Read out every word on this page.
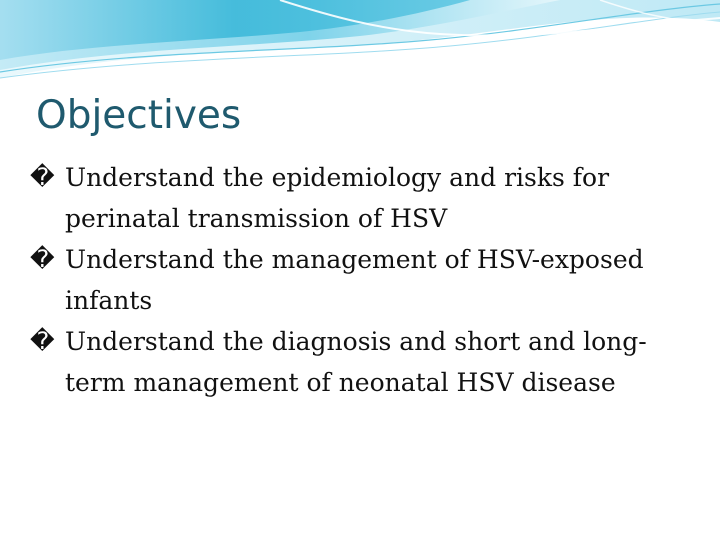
Objectives
� Understand the epidemiology and risks for perinatal transmission of HSV
� Understand the management of HSV-exposed infants
� Understand the diagnosis and short and long-term management of neonatal HSV disease
